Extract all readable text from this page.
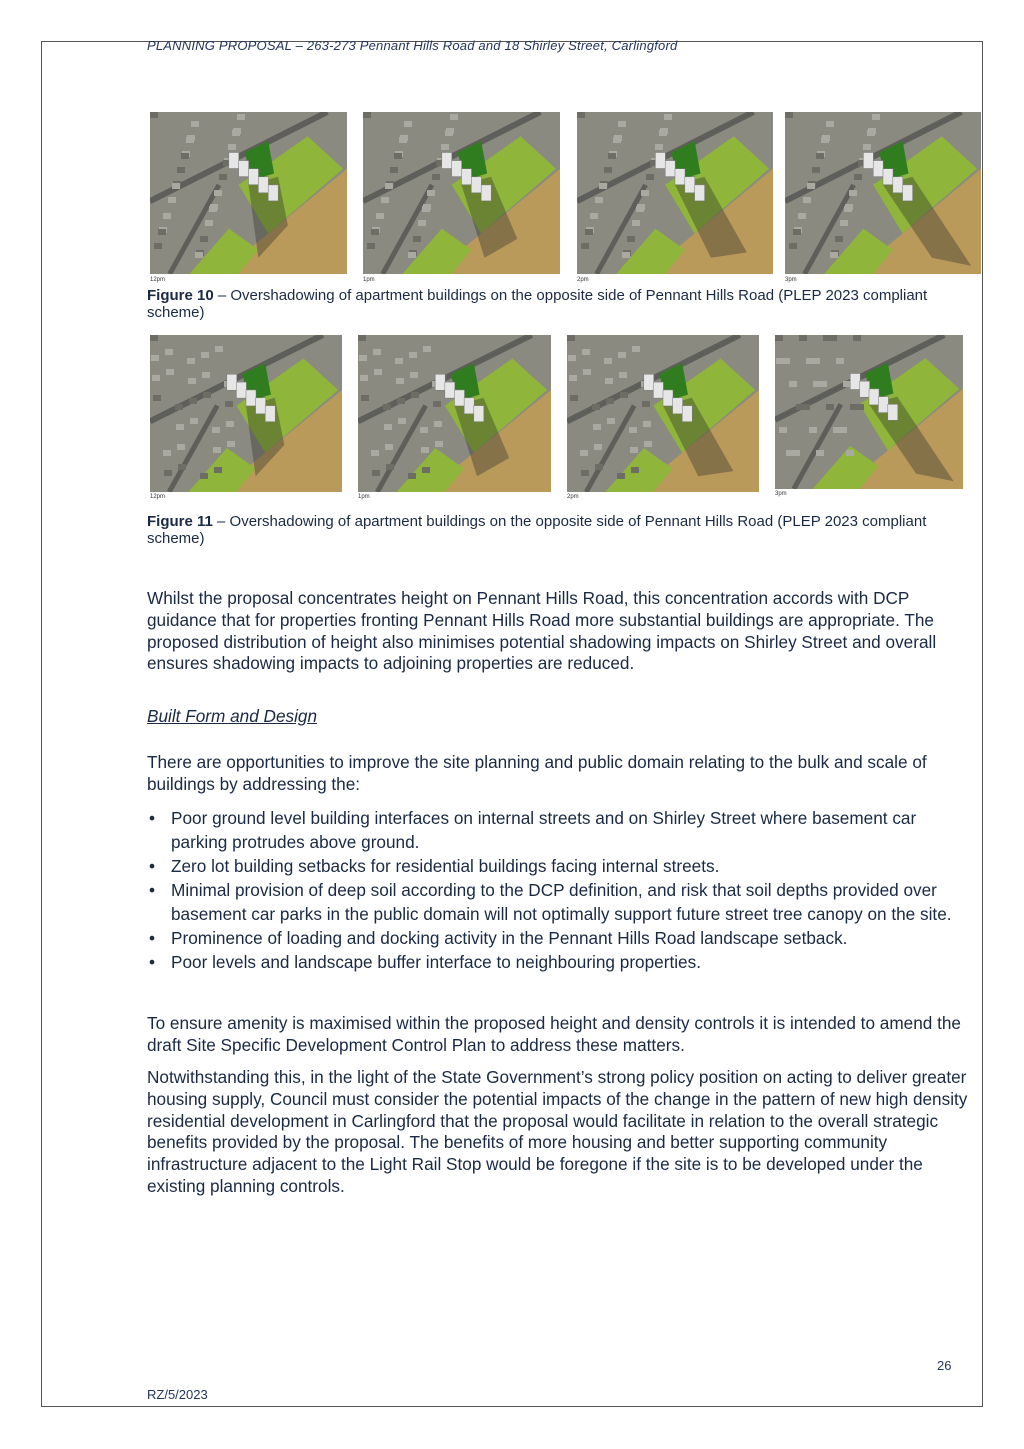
PLANNING PROPOSAL – 263-273 Pennant Hills Road and 18 Shirley Street, Carlingford
12pm	1pm	2pm	3pm
Figure 10 – Overshadowing of apartment buildings on the opposite side of Pennant Hills Road (PLEP 2023 compliant scheme)
12pm	1pm	2pm	3pm
Figure 11 – Overshadowing of apartment buildings on the opposite side of Pennant Hills Road (PLEP 2023 compliant scheme)
Whilst the proposal concentrates height on Pennant Hills Road, this concentration accords with DCP guidance that for properties fronting Pennant Hills Road more substantial buildings are appropriate. The proposed distribution of height also minimises potential shadowing impacts on Shirley Street and overall ensures shadowing impacts to adjoining properties are reduced.
Built Form and Design
There are opportunities to improve the site planning and public domain relating to the bulk and scale of buildings by addressing the:
• Poor ground level building interfaces on internal streets and on Shirley Street where basement car parking protrudes above ground.
• Zero lot building setbacks for residential buildings facing internal streets.
• Minimal provision of deep soil according to the DCP definition, and risk that soil depths provided over basement car parks in the public domain will not optimally support future street tree canopy on the site.
• Prominence of loading and docking activity in the Pennant Hills Road landscape setback.
• Poor levels and landscape buffer interface to neighbouring properties.
To ensure amenity is maximised within the proposed height and density controls it is intended to amend the draft Site Specific Development Control Plan to address these matters.
Notwithstanding this, in the light of the State Government’s strong policy position on acting to deliver greater housing supply, Council must consider the potential impacts of the change in the pattern of new high density residential development in Carlingford that the proposal would facilitate in relation to the overall strategic benefits provided by the proposal. The benefits of more housing and better supporting community infrastructure adjacent to the Light Rail Stop would be foregone if the site is to be developed under the existing planning controls.
26
RZ/5/2023
